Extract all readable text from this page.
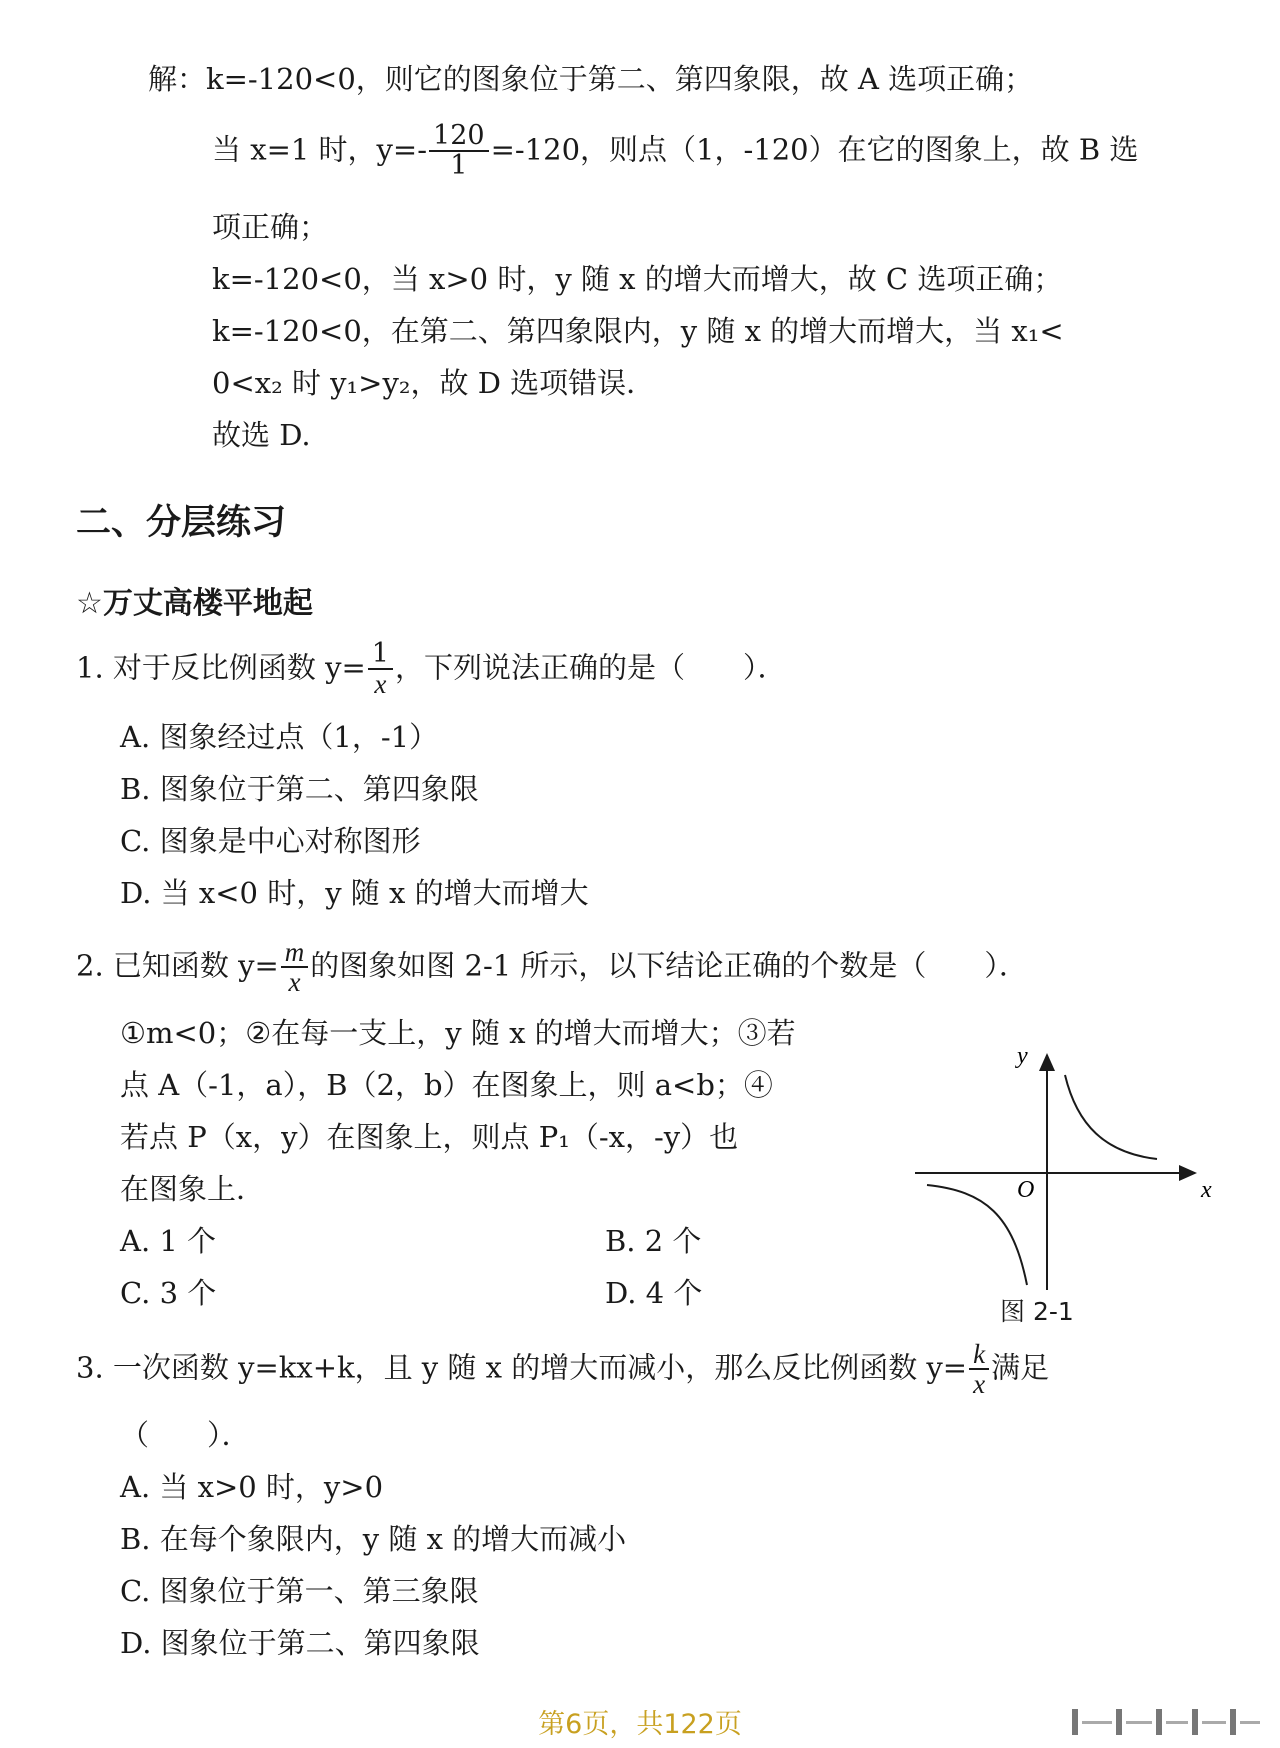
解：k=-120<0，则它的图象位于第二、第四象限，故 A 选项正确；
当 x=1 时，$y=- \frac{120}{1} =-120$，则点（1，-120）在它的图象上，故 B 选
项正确；
k=-120<0，当 x>0 时，y 随 x 的增大而增大，故 C 选项正确；
k=-120<0，在第二、第四象限内，y 随 x 的增大而增大，当 x₁<
0<x₂ 时 y₁>y₂，故 D 选项错误．
故选 D.
二、分层练习
☆万丈高楼平地起
1. 对于反比例函数 $y= \frac{1}{x}$ ，下列说法正确的是（　　）．
A. 图象经过点（1，-1）
B. 图象位于第二、第四象限
C. 图象是中心对称图形
D. 当 x<0 时，y 随 x 的增大而增大
2. 已知函数 $y= \frac{m}{x}$ 的图象如图 2-1 所示，以下结论正确的个数是（　　）．
①m<0；②在每一支上，y 随 x 的增大而增大；③若
点 A（-1，a），B（2，b）在图象上，则 a<b；④
若点 P（x，y）在图象上，则点 P₁（-x，-y）也
在图象上．
A. 1 个	B. 2 个
C. 3 个	D. 4 个
y
x
O
图 2-1
3. 一次函数 y=kx+k，且 y 随 x 的增大而减小，那么反比例函数 $y= \frac{k}{x}$ 满足
（　　）．
A. 当 x>0 时，y>0
B. 在每个象限内，y 随 x 的增大而减小
C. 图象位于第一、第三象限
D. 图象位于第二、第四象限
第6页，共122页
